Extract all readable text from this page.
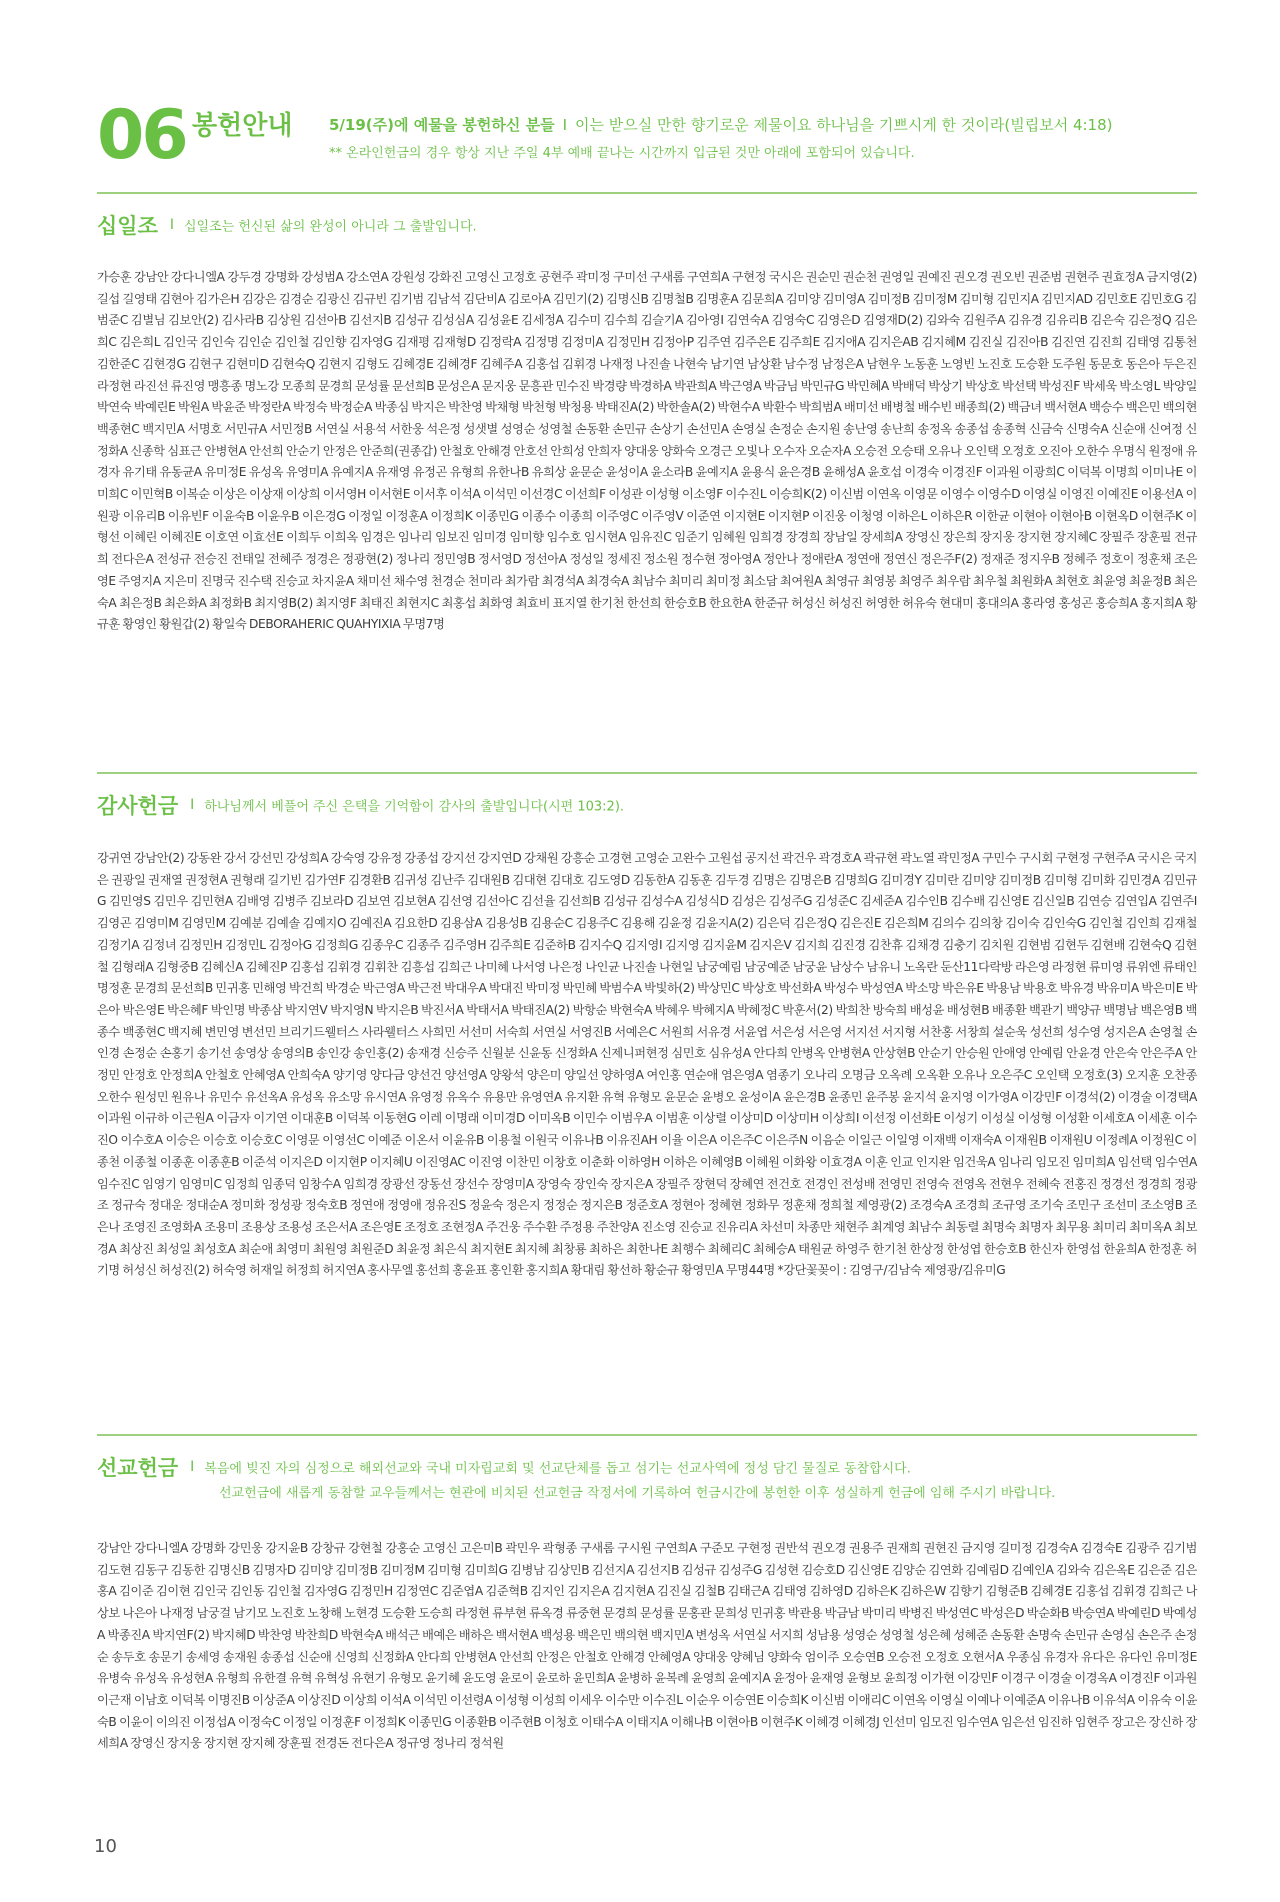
06 봉헌안내 5/19(주)에 예물을 봉헌하신 분들 I 이는 받으실 만한 향기로운 제물이요 하나님을 기쁘시게 한 것이라(빌립보서 4:18)
** 온라인헌금의 경우 항상 지난 주일 4부 예배 끝나는 시간까지 입금된 것만 아래에 포함되어 있습니다.
십일조 I 십일조는 헌신된 삶의 완성이 아니라 그 출발입니다.
가승훈 강남안 강다니엘A 강두경 강명화 강성범A 강소연A 강원성 강화진 고영신 고정호 공현주 곽미정 구미선 구새롬 구연희A 구현정 국시은 권순민 권순천 권영일 권예진 권오경 권오빈 권준범 권현주 권효정A 금지영(2) 길섭 길영태 김현아 김가은H 김강은 김경순 김광신 김규빈 김기범 김남석 김단비A 김로아A 김민기(2) 김명신B 김명철B 김명훈A 김문희A 김미양 김미영A 김미정B 김미정M 김미형 김민지A 김민지AD 김민호E 김민호G 김범준C 김별님 김보안(2) 김사라B 김상원 김선아B 김선지B 김성규 김성심A 김성윤E 김세정A 김수미 김수희 김슬기A 김아영I 김연숙A 김영숙C 김영은D 김영재D(2) 김와숙 김원주A 김유경 김유리B 김은숙 김은정Q 김은희C 김은희L 김인국 김인숙 김인순 김인철 김인향 김자영G 김재평 김재형D 김정락A 김정명 김정미A 김정민H 김정아P 김주연 김주은E 김주희E 김지애A 김지은AB 김지혜M 김진실 김진아B 김진연 김진희 김태영 김통천 김한준C 김현경G 김현구 김현미D 김현숙Q 김현지 김형도 김혜경E 김혜경F 김혜주A 김홍섭 김휘경 나재정 나진솔 나현숙 남기연 남상환 남수정 남정은A 남현우 노동훈 노영빈 노진호 도승환 도주원 동문호 동은아 두은진 라정현 라진선 류진영 맹흥종 명노강 모종희 문경희 문성률 문선희B 문성은A 문지웅 문흥관 민수진 박경량 박경하A 박관희A 박근영A 박금님 박민규G 박민혜A 박배덕 박상기 박상호 박선택 박성진F 박세욱 박소영L 박양일 박연숙 박예린E 박원A 박윤준 박정란A 박정숙 박정순A 박종심 박지은 박찬영 박채형 박천형 박청용 박태진A(2) 박한솔A(2) 박현수A 박환수 박희범A 배미선 배병철 배수빈 배종희(2) 백금녀 백서현A 백승수 백은민 백의현 백종현C 백지민A 서명호 서민규A 서민정B 서연실 서용석 서한웅 석은정 성샛별 성영순 성영철 손동환 손민규 손상기 손선민A 손영실 손정순 손지원 송난영 송난희 송정옥 송종섭 송종혁 신금숙 신명숙A 신순애 신여정 신정화A 신종학 심표근 안병현A 안선희 안순기 안정은 안준희(권종갑) 안철호 안해경 안호선 안희성 안희자 양대웅 양화숙 오경근 오빛나 오수자 오순자A 오승전 오승태 오유나 오인택 오정호 오진아 오한수 우명식 원정애 유경자 유기태 유동균A 유미정E 유성옥 유영미A 유예지A 유재영 유정곤 유형희 유한나B 유희상 윤문순 윤성이A 윤소라B 윤예지A 윤용식 윤은경B 윤해성A 윤호섭 이경숙 이경진F 이과원 이광희C 이덕복 이명희 이미나E 이미희C 이민혁B 이복순 이상은 이상재 이상희 이서영H 이서현E 이서후 이석A 이석민 이선경C 이선희F 이성관 이성형 이소영F 이수진L 이승희K(2) 이신범 이연옥 이영문 이영수 이영수D 이영실 이영진 이예진E 이용선A 이원광 이유리B 이유빈F 이윤숙B 이윤우B 이은경G 이정일 이정훈A 이정희K 이종민G 이종수 이종희 이주영C 이주영V 이준연 이지현E 이지현P 이진웅 이청영 이하은L 이하은R 이한균 이현아 이현아B 이현옥D 이현주K 이형선 이혜린 이혜진E 이호연 이효선E 이희두 이희옥 임경은 임나리 임보진 임미경 임미향 임수호 임시현A 임유진C 임준기 임혜원 임희경 장경희 장남일 장세희A 장영신 장은희 장지웅 장지현 장지혜C 장필주 장훈필 전규희 전다은A 전성규 전승진 전태일 전혜주 정경은 정광현(2) 정나리 정민영B 정서영D 정선아A 정성일 정세진 정소원 정수현 정아영A 정안나 정애란A 정연애 정연신 정은주F(2) 정재준 정지우B 정혜주 정호이 정훈채 조은영E 주영지A 지은미 진명국 진수택 진승교 차지윤A 채미선 채수영 천경순 천미라 최가람 최경석A 최경숙A 최남수 최미리 최미정 최소담 최여원A 최영규 최영봉 최영주 최우람 최우철 최원화A 최현호 최윤영 최윤정B 최은숙A 최은정B 최은화A 최정화B 최지영B(2) 최지영F 최태진 최현지C 최홍섭 최화영 최효비 표지열 한기천 한선희 한승호B 한요한A 한준규 허성신 허성진 허영한 허유숙 현대미 홍대의A 홍라영 홍성곤 홍승희A 홍지희A 황규훈 황영인 황원갑(2) 황일숙 DEBORAHERIC QUAHYIXIA 무명7명
감사헌금 I 하나님께서 베풀어 주신 은택을 기억함이 감사의 출발입니다(시편 103:2).
강귀연 강남안(2) 강동완 강서 강선민 강성희A 강숙영 강유정 강종섭 강지선 강지연D 강채원 강흥순 고경현 고영순 고완수 고원섭 공지선 곽건우 곽경호A 곽규현 곽노열 곽민정A 구민수 구시회 구현정 구현주A 국시은 국지은 권광일 권재열 권정현A 권형래 길기빈 김가연F 김경환B 김귀성 김난주 김대원B 김대현 김대호 김도영D 김동한A 김동훈 김두경 김명은 김명은B 김명희G 김미경Y 김미란 김미양 김미정B 김미형 김미화 김민경A 김민규G 김민영S 김민우 김민현A 김배영 김병주 김보라D 김보연 김보현A 김선영 김선아C 김선율 김선희B 김성규 김성수A 김성식D 김성은 김성주G 김성준C 김세준A 김수인B 김수배 김신영E 김신일B 김연승 김연입A 김연주I 김영곤 김영미M 김영민M 김예분 김예솔 김예지O 김예진A 김요한D 김용삼A 김용성B 김용순C 김용주C 김용해 김윤정 김윤지A(2) 김은덕 김은정Q 김은진E 김은희M 김의수 김의창 김이숙 김인숙G 김인철 김인희 김재철 김정기A 김정녀 김정민H 김정민L 김정아G 김정희G 김종우C 김종주 김주영H 김주희E 김준하B 김지수Q 김지영I 김지영 김지윤M 김지은V 김지희 김진경 김찬휴 김채경 김충기 김치원 김현범 김현두 김현배 김현숙Q 김현철 김형래A 김형중B 김혜신A 김혜진P 김홍섭 김휘경 김휘찬 김흥섭 김희근 나미혜 나서영 나은정 나인균 나진솔 나현일 남궁예림 남궁예준 남궁윤 남상수 남유니 노옥란 둔산11다락방 라은영 라정현 류미영 류위엔 류태인 명정훈 문경희 문선희B 민귀홍 민해영 박건희 박경순 박근영A 박근전 박대우A 박대진 박미정 박민혜 박범수A 박빛하(2) 박상민C 박상호 박선화A 박성수 박성연A 박소망 박은유E 박용남 박용호 박유경 박유미A 박은미E 박은아 박은영E 박은혜F 박인명 박종삼 박지연V 박지영N 박지은B 박진서A 박태서A 박태진A(2) 박항순 박현숙A 박혜우 박혜지A 박혜정C 박훈서(2) 박희찬 방숙희 배성윤 배성현B 배종환 백관기 백양규 백명남 백은영B 백종수 백종현C 백지혜 변민영 변선민 브리기드웰터스 사라웰터스 사희민 서선미 서숙희 서연실 서영진B 서예은C 서원희 서유경 서윤엽 서은성 서은영 서지선 서지형 서찬홍 서창희 설순욱 성선희 성수영 성지은A 손영철 손인경 손정순 손홍기 송기선 송영상 송영의B 송인강 송인홍(2) 송재경 신승주 신월분 신윤동 신정화A 신제니퍼현정 심민호 심유성A 안다희 안병옥 안병현A 안상현B 안순기 안승원 안애영 안예림 안윤경 안은숙 안은주A 안정민 안정호 안정희A 안철호 안혜영A 안희숙A 양기영 양다금 양선건 양선영A 양왕석 양은미 양일선 양하영A 여인홍 연순애 염은영A 염종기 오나리 오명금 오옥례 오옥환 오유나 오은주C 오인택 오정호(3) 오지훈 오찬종 오한수 원성민 원유나 유민수 유선옥A 유성옥 유소망 유시연A 유영정 유옥수 유용만 유영연A 유지환 유혁 유형모 윤문순 윤병오 윤성이A 윤은경B 윤종민 윤주봉 윤지석 윤지영 이가영A 이강민F 이경석(2) 이경술 이경택A 이과원 이규하 이근원A 이금자 이기연 이대훈B 이덕복 이동현G 이레 이명래 이미경D 이미옥B 이민수 이범우A 이범훈 이상렬 이상미D 이상미H 이상희I 이선정 이선화E 이성기 이성실 이성형 이성환 이세호A 이세훈 이수진O 이수호A 이승은 이승호 이승호C 이영문 이영선C 이예준 이온서 이윤유B 이용철 이원국 이유나B 이유진AH 이율 이은A 이은주C 이은주N 이음순 이일근 이일영 이재백 이재숙A 이재원B 이재원U 이정례A 이정원C 이종천 이종철 이종훈 이종훈B 이준석 이지은D 이지현P 이지혜U 이진영AC 이진영 이찬민 이창호 이춘화 이하영H 이하은 이혜영B 이혜원 이화왕 이효경A 이훈 인교 인지완 임건욱A 임나리 임모진 임미희A 임선택 임수연A 임수진C 임영기 임영미C 임정희 임종덕 임창수A 임희경 장광선 장동선 장선수 장영미A 장영숙 장인숙 장지은A 장필주 장현덕 장혜연 전건호 전경인 전성배 전영민 전영숙 전영옥 전현우 전혜숙 전홍진 정경선 정경희 정광조 정규숙 정대운 정대순A 정미화 정성광 정숙호B 정연애 정영애 정유진S 정윤숙 정은지 정정순 정지은B 정준호A 정현아 정혜현 정화무 정훈채 정희철 제영광(2) 조경숙A 조경희 조규영 조기숙 조민구 조선미 조소영B 조은나 조영진 조영화A 조용미 조용상 조용성 조은서A 조은영E 조정호 조현정A 주건웅 주수환 주정용 주찬양A 진소영 진승교 진유리A 차선미 차종만 채현주 최계영 최남수 최동렬 최명숙 최명자 최무용 최미리 최미옥A 최보경A 최상진 최성일 최성호A 최순애 최영미 최원영 최원준D 최윤정 최은식 최지현E 최지혜 최창룡 최하은 최한나E 최행수 최혜리C 최혜승A 태원균 하영주 한기천 한상정 한성엽 한승호B 한신자 한영섭 한윤희A 한정훈 허기명 허성신 허성진(2) 허숙영 허재일 허정희 허지연A 홍사무엘 홍선희 홍윤표 홍인환 홍지희A 황대림 황선하 황순규 황영민A 무명44명 *강단꽃꽂이 : 김영구/김남숙 제영광/김유미G
선교헌금 I 복음에 빚진 자의 심정으로 해외선교와 국내 미자립교회 및 선교단체를 돕고 섬기는 선교사역에 정성 담긴 물질로 동참합시다.
선교헌금에 새롭게 동참할 교우들께서는 현관에 비치된 선교헌금 작정서에 기록하여 헌금시간에 봉헌한 이후 성실하게 헌금에 임해 주시기 바랍니다.
강남안 강다니엘A 강명화 강민웅 강지윤B 강창규 강현철 강홍순 고영신 고은미B 곽민우 곽형종 구새롬 구시원 구연희A 구준모 구현정 권반석 권오경 권용주 권재희 권현진 금지영 길미정 김경숙A 김경숙E 김광주 김기범 김도현 김동구 김동한 김명신B 김명자D 김미양 김미정B 김미정M 김미형 김미희G 김병남 김상민B 김선지A 김선지B 김성규 김성주G 김성현 김승호D 김신영E 김양순 김연화 김예림D 김예인A 김와숙 김은옥E 김은준 김은홍A 김이준 김이현 김인국 김인동 김인철 김자영G 김정민H 김정연C 김준엽A 김준혁B 김지인 김지은A 김지현A 김진실 김철B 김태근A 김태영 김하영D 김하은K 김하은W 김향기 김형준B 김혜경E 김홍섭 김휘경 김희근 나상보 나은아 나재정 남궁걸 남기모 노진호 노창해 노현경 도승환 도승희 라정현 류부현 류옥경 류중현 문경희 문성률 문홍관 문희성 민귀홍 박관용 박금남 박미리 박병진 박성연C 박성은D 박순화B 박승연A 박예린D 박예성A 박종진A 박지연F(2) 박지혜D 박찬영 박찬희D 박현숙A 배석근 배예은 배하은 백서현A 백성용 백은민 백의현 백지민A 변성옥 서연실 서지희 성남용 성영순 성영철 성은혜 성혜준 손동환 손명숙 손민규 손영심 손은주 손정순 송두호 송문기 송세영 송재원 송종섭 신순애 신영희 신정화A 안다희 안병현A 안선희 안정은 안철호 안해경 안혜영A 양대웅 양혜님 양화숙 엄이주 오승연B 오승전 오정호 오현서A 우종심 유경자 유다은 유다인 유미정E 유병숙 유성옥 유성현A 유형희 유한결 유혁 유혁성 유현기 유형모 윤기혜 윤도영 윤로이 윤로하 윤민희A 윤병하 윤복례 윤영희 윤예지A 윤정아 윤재영 윤형보 윤희정 이가현 이강민F 이경구 이경술 이경옥A 이경진F 이과원 이근재 이남호 이덕복 이명진B 이상준A 이상진D 이상희 이석A 이석민 이선령A 이성형 이성희 이세우 이수만 이수진L 이순우 이승연E 이승희K 이신범 이애리C 이연옥 이영실 이예나 이예준A 이유나B 이유석A 이유숙 이윤숙B 이윤이 이의진 이정섭A 이정숙C 이정일 이정훈F 이정희K 이종민G 이종환B 이주현B 이청호 이태수A 이태지A 이해나B 이현아B 이현주K 이혜경 이혜경J 인선미 임모진 임수연A 임은선 임진하 임현주 장고은 장신하 장세희A 장영신 장지웅 장지현 장지혜 장훈필 전경돈 전다은A 정규영 정나리 정석원
10
